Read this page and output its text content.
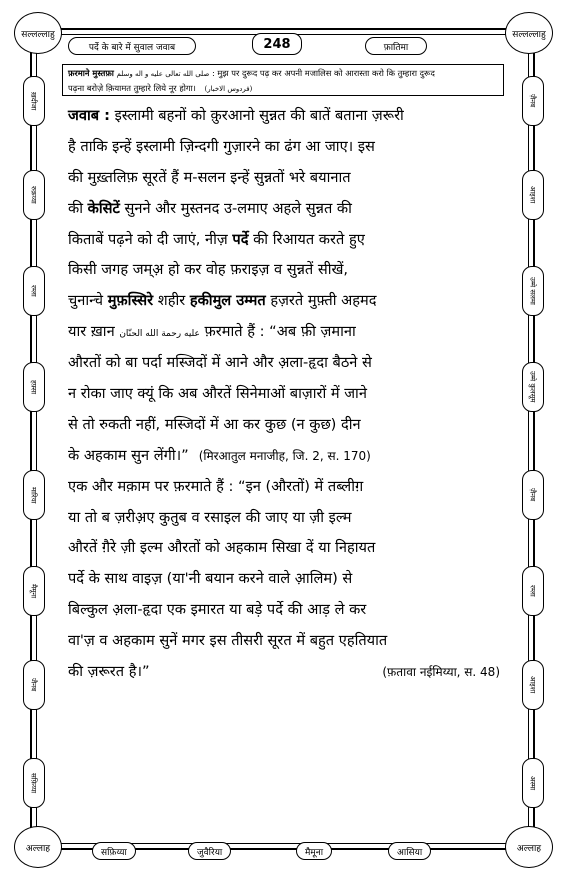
सल्लल्लाहु	सल्लल्लाहु
पर्दे के बारे में सुवाल जवाब	248	फ़ातिमा
फ़रमाने मुस्तफ़ा صلى الله تعالى عليه و اله وسلم : मुझ पर दुरूद पढ़ कर अपनी मजालिस को आरास्ता करो कि तुम्हारा दुरूद
पढ़ना बरोज़े क़ियामत तुम्हारे लिये नूर होगा। (فردوس الاخبار)
ख़दीजा
रुक़य्या
रम्ला
हफ़्सा
मारिया
मैमूना
जैनब
सफ़िय्या
ज़ैनब
आइशा
उम्मे सलमा
उम्मे कुलसूम
ज़ैनब
रम्ला
आइशा
अस्मा
जवाब : इस्लामी बहनों को क़ुरआनो सुन्नत की बातें बताना ज़रूरी
है ताकि इन्हें इस्लामी ज़िन्दगी गुज़ारने का ढंग आ जाए। इस
की मुख़्तलिफ़ सूरतें हैं म-सलन इन्हें सुन्नतों भरे बयानात
की केसिटें सुनने और मुस्तनद उ-लमाए अहले सुन्नत की
किताबें पढ़ने को दी जाएं, नीज़ पर्दे की रिआयत करते हुए
किसी जगह जम्अ़ हो कर वोह फ़राइज़ व सुन्नतें सीखें,
चुनान्चे मुफ़स्सिरे शहीर हकीमुल उम्मत हज़रते मुफ़्ती अहमद
यार ख़ान عليه رحمة الله الحنّان फ़रमाते हैं : “अब फ़ी ज़माना
औरतों को बा पर्दा मस्जिदों में आने और अ़ला-हृदा बैठने से
न रोका जाए क्यूं कि अब औरतें सिनेमाओं बाज़ारों में जाने
से तो रुकती नहीं, मस्जिदों में आ कर कुछ (न कुछ) दीन
के अहकाम सुन लेंगी।” (मिरआतुल मनाजीह, जि. 2, स. 170)
एक और मक़ाम पर फ़रमाते हैं : “इन (औरतों) में तब्लीग़
या तो ब ज़रीअ़ए कुतुब व रसाइल की जाए या ज़ी इल्म
औरतें ग़ैरे ज़ी इल्म औरतों को अहकाम सिखा दें या निहायत
पर्दे के साथ वाइज़ (या'नी बयान करने वाले आ़लिम) से
बिल्कुल अ़ला-हृदा एक इमारत या बड़े पर्दे की आड़ ले कर
वा'ज़ व अहकाम सुनें मगर इस तीसरी सूरत में बहुत एहतियात
की ज़रूरत है।”	(फ़तावा नईमिय्या, स. 48)
अल्लाह	अल्लाह
सफ़िय्या	जुवैरिया	मैमूना	आसिया
